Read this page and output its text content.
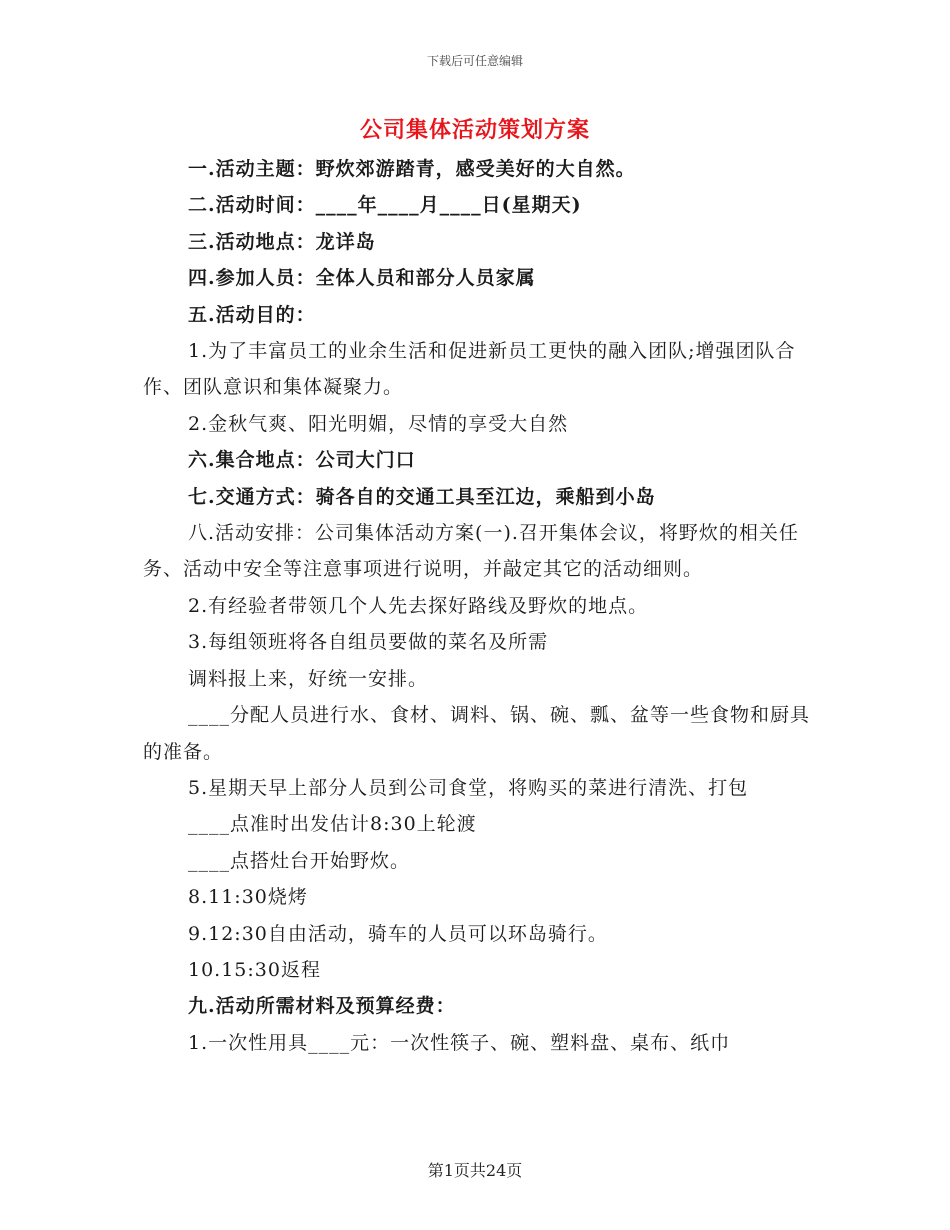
下载后可任意编辑
公司集体活动策划方案

一.活动主题：野炊郊游踏青，感受美好的大自然。

二.活动时间：____年____月____日(星期天)

三.活动地点：龙详岛

四.参加人员：全体人员和部分人员家属

五.活动目的：

1.为了丰富员工的业余生活和促进新员工更快的融入团队;增强团队合作、团队意识和集体凝聚力。

2.金秋气爽、阳光明媚，尽情的享受大自然

六.集合地点：公司大门口

七.交通方式：骑各自的交通工具至江边，乘船到小岛

八.活动安排：公司集体活动方案(一).召开集体会议，将野炊的相关任务、活动中安全等注意事项进行说明，并敲定其它的活动细则。

2.有经验者带领几个人先去探好路线及野炊的地点。

3.每组领班将各自组员要做的菜名及所需

调料报上来，好统一安排。

____分配人员进行水、食材、调料、锅、碗、瓢、盆等一些食物和厨具的准备。

5.星期天早上部分人员到公司食堂，将购买的菜进行清洗、打包

____点准时出发估计8:30上轮渡

____点搭灶台开始野炊。

8.11:30烧烤

9.12:30自由活动，骑车的人员可以环岛骑行。

10.15:30返程

九.活动所需材料及预算经费：

1.一次性用具____元：一次性筷子、碗、塑料盘、桌布、纸巾

第1页共24页
